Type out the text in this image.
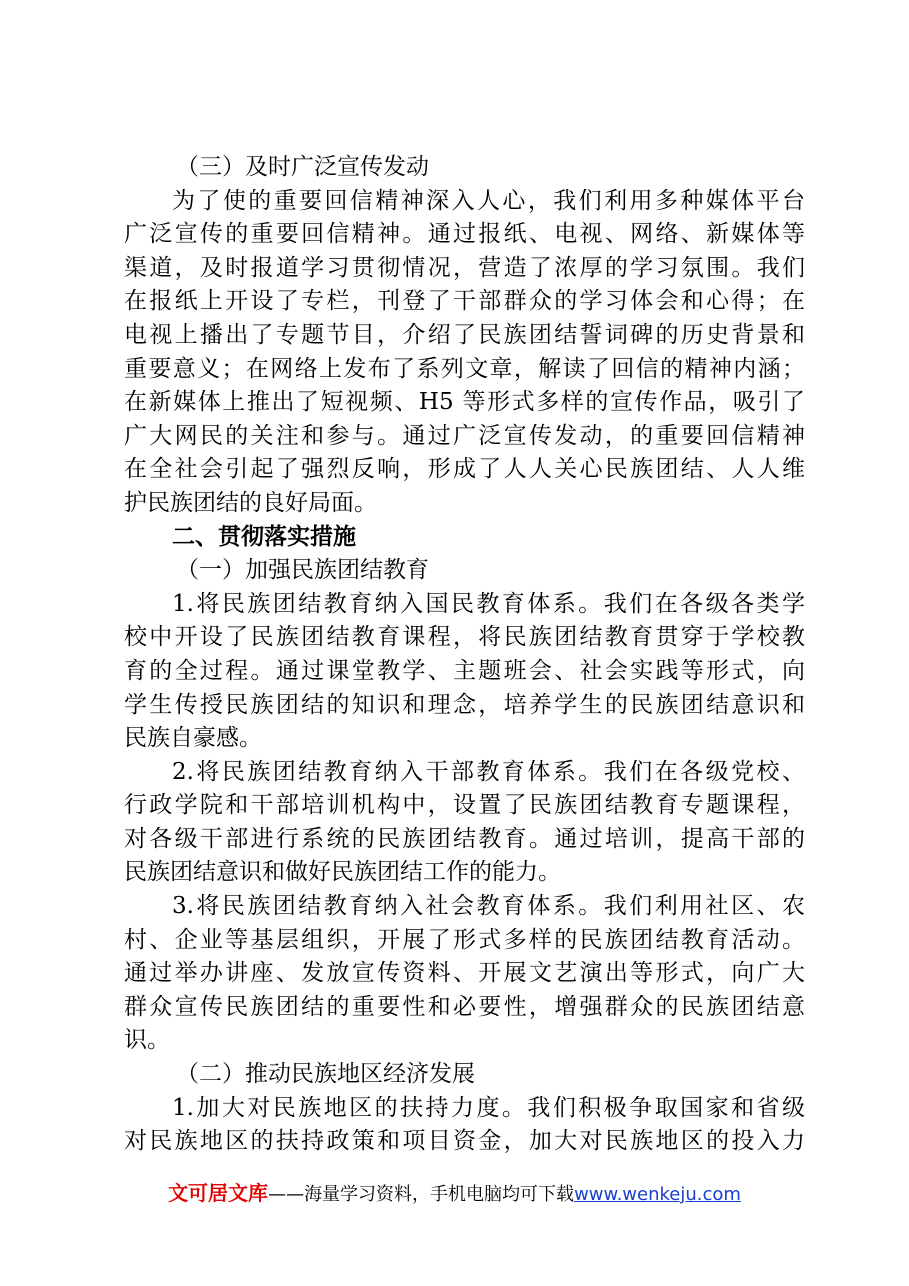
（三）及时广泛宣传发动
为了使的重要回信精神深入人心，我们利用多种媒体平台
广泛宣传的重要回信精神。通过报纸、电视、网络、新媒体等
渠道，及时报道学习贯彻情况，营造了浓厚的学习氛围。我们
在报纸上开设了专栏，刊登了干部群众的学习体会和心得；在
电视上播出了专题节目，介绍了民族团结誓词碑的历史背景和
重要意义；在网络上发布了系列文章，解读了回信的精神内涵；
在新媒体上推出了短视频、H5 等形式多样的宣传作品，吸引了
广大网民的关注和参与。通过广泛宣传发动，的重要回信精神
在全社会引起了强烈反响，形成了人人关心民族团结、人人维
护民族团结的良好局面。
二、贯彻落实措施
（一）加强民族团结教育
1.将民族团结教育纳入国民教育体系。我们在各级各类学
校中开设了民族团结教育课程，将民族团结教育贯穿于学校教
育的全过程。通过课堂教学、主题班会、社会实践等形式，向
学生传授民族团结的知识和理念，培养学生的民族团结意识和
民族自豪感。
2.将民族团结教育纳入干部教育体系。我们在各级党校、
行政学院和干部培训机构中，设置了民族团结教育专题课程，
对各级干部进行系统的民族团结教育。通过培训，提高干部的
民族团结意识和做好民族团结工作的能力。
3.将民族团结教育纳入社会教育体系。我们利用社区、农
村、企业等基层组织，开展了形式多样的民族团结教育活动。
通过举办讲座、发放宣传资料、开展文艺演出等形式，向广大
群众宣传民族团结的重要性和必要性，增强群众的民族团结意
识。
（二）推动民族地区经济发展
1.加大对民族地区的扶持力度。我们积极争取国家和省级
对民族地区的扶持政策和项目资金，加大对民族地区的投入力
文可居文库——海量学习资料，手机电脑均可下载www.wenkeju.com
